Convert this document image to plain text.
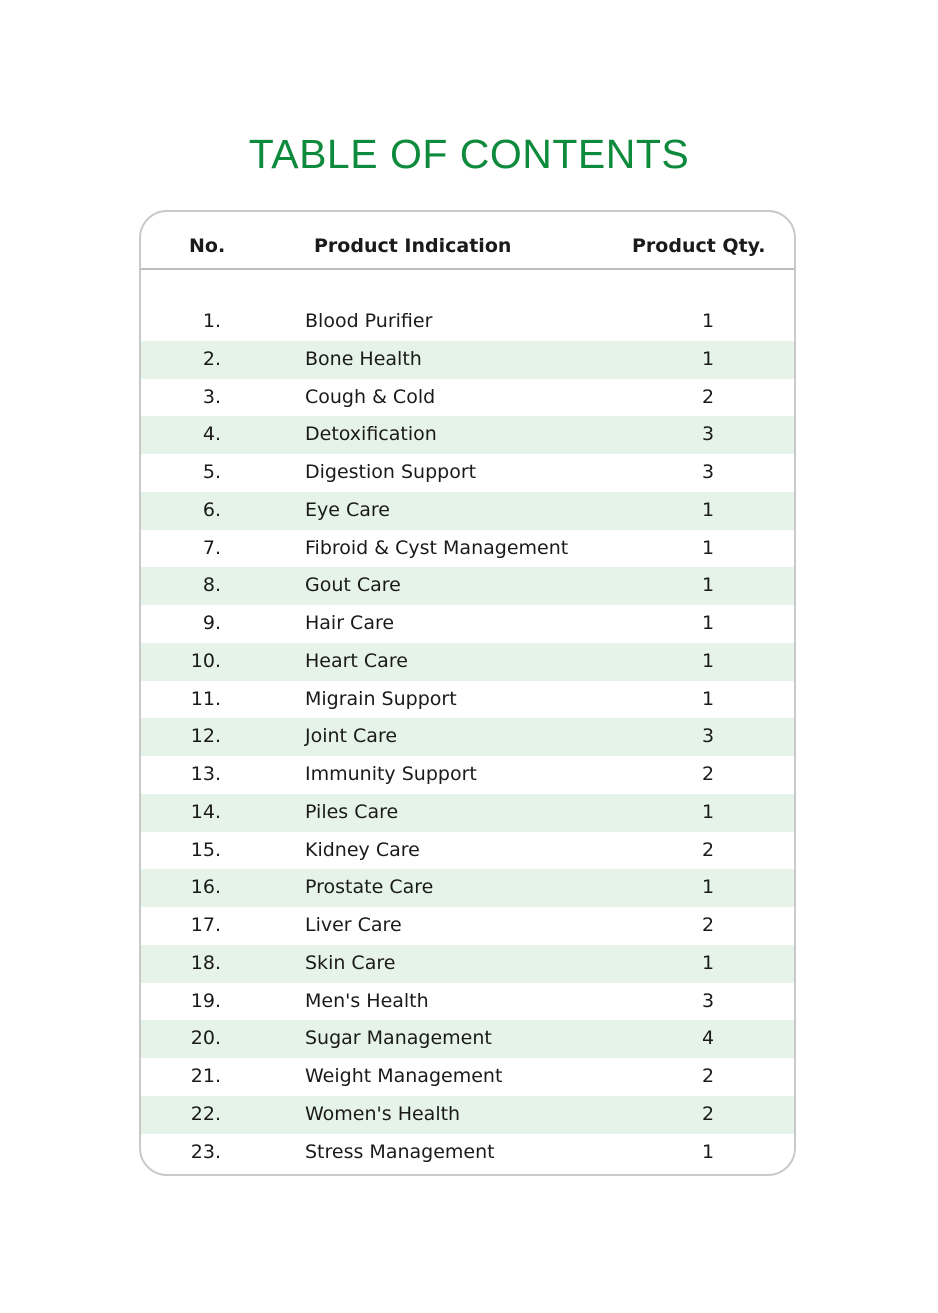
TABLE OF CONTENTS
No.	Product Indication	Product Qty.
1.	Blood Purifier	1
2.	Bone Health	1
3.	Cough & Cold	2
4.	Detoxification	3
5.	Digestion Support	3
6.	Eye Care	1
7.	Fibroid & Cyst Management	1
8.	Gout Care	1
9.	Hair Care	1
10.	Heart Care	1
11.	Migrain Support	1
12.	Joint Care	3
13.	Immunity Support	2
14.	Piles Care	1
15.	Kidney Care	2
16.	Prostate Care	1
17.	Liver Care	2
18.	Skin Care	1
19.	Men's Health	3
20.	Sugar Management	4
21.	Weight Management	2
22.	Women's Health	2
23.	Stress Management	1
